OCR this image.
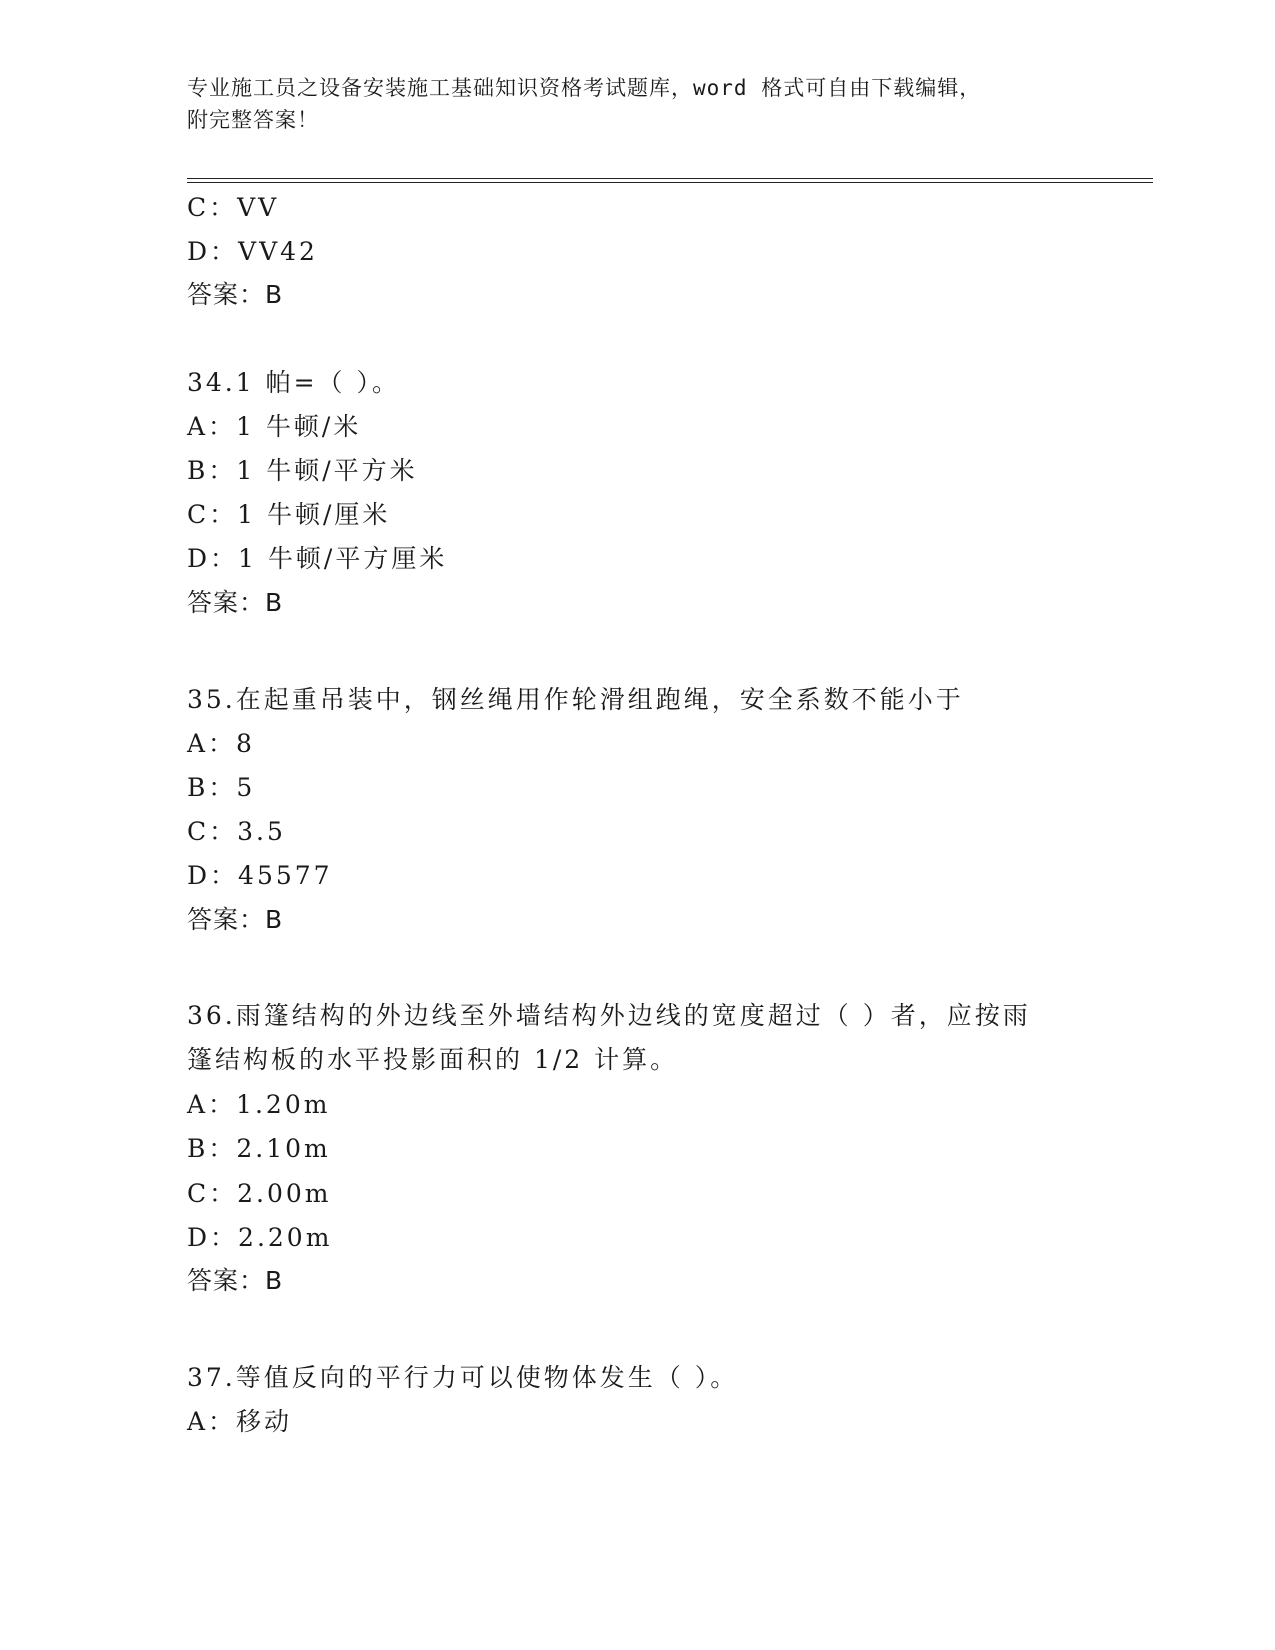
专业施工员之设备安装施工基础知识资格考试题库，word 格式可自由下载编辑，
附完整答案！
C：VV
D：VV42
答案：B
34.1 帕=（ ）。
A：1 牛顿/米
B：1 牛顿/平方米
C：1 牛顿/厘米
D：1 牛顿/平方厘米
答案：B
35.在起重吊装中，钢丝绳用作轮滑组跑绳，安全系数不能小于
A：8
B：5
C：3.5
D：45577
答案：B
36.雨篷结构的外边线至外墙结构外边线的宽度超过（ ）者，应按雨
篷结构板的水平投影面积的 1/2 计算。
A：1.20m
B：2.10m
C：2.00m
D：2.20m
答案：B
37.等值反向的平行力可以使物体发生（ ）。
A：移动
